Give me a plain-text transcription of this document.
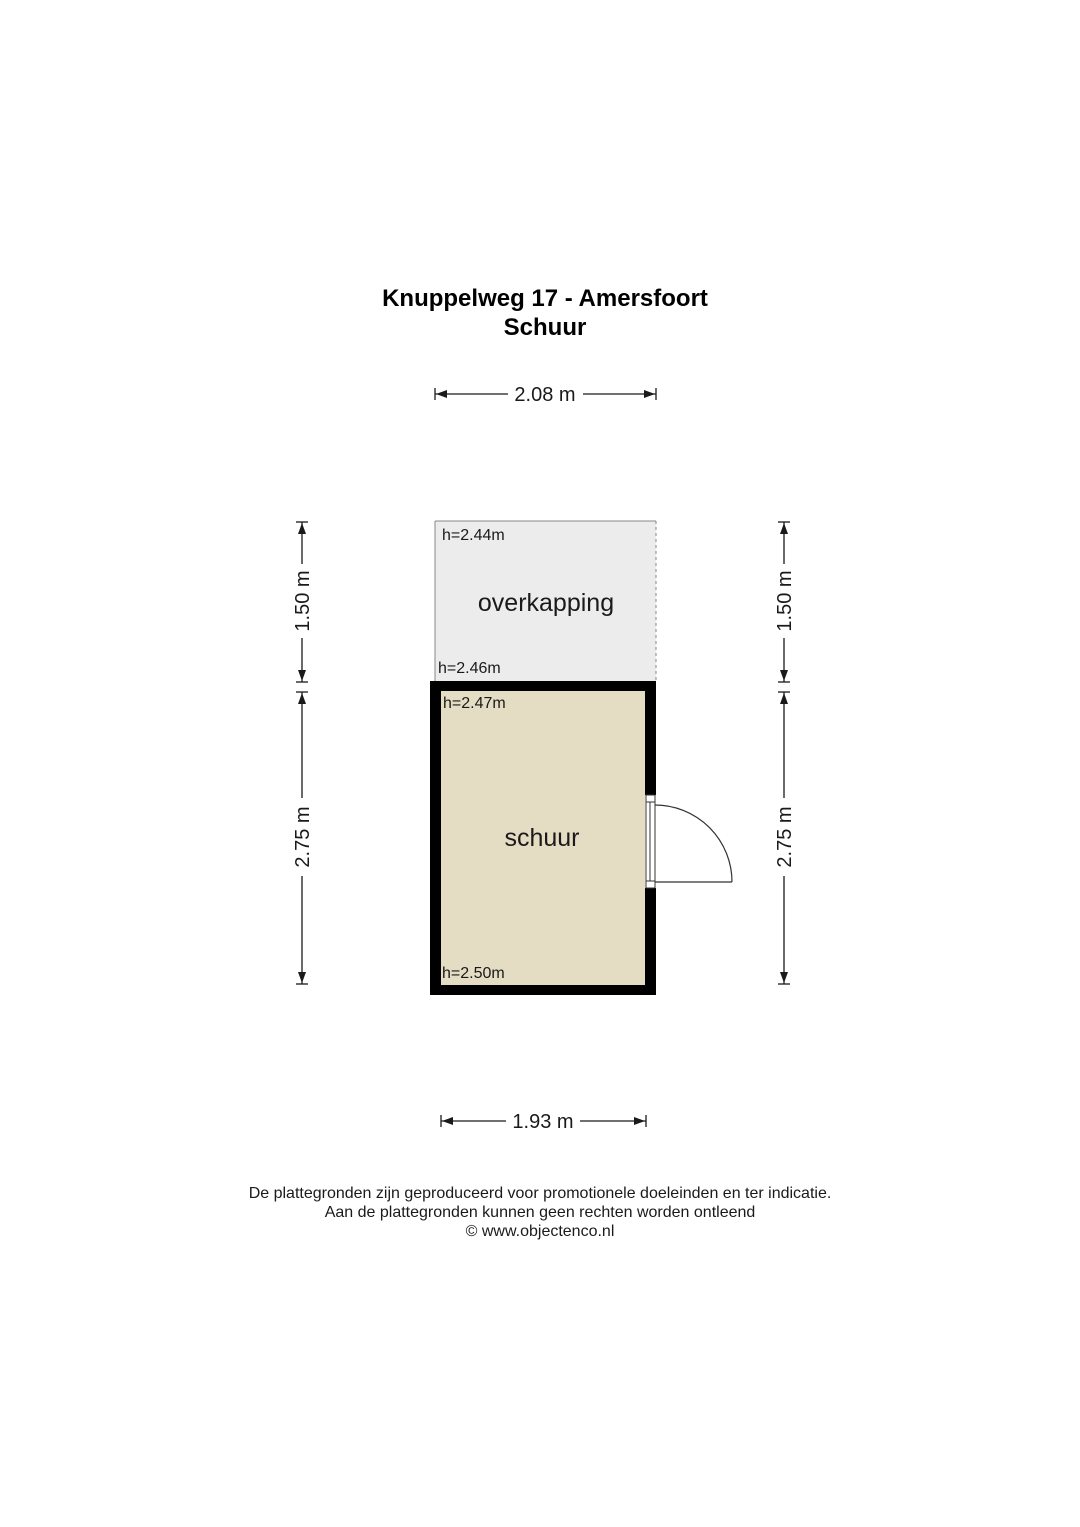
Knuppelweg 17 - Amersfoort
Schuur
2.08 m
1.93 m
1.50 m
2.75 m
1.50 m
2.75 m
overkapping
h=2.44m
h=2.46m
schuur
h=2.47m
h=2.50m
De plattegronden zijn geproduceerd voor promotionele doeleinden en ter indicatie.
Aan de plattegronden kunnen geen rechten worden ontleend
© www.objectenco.nl
